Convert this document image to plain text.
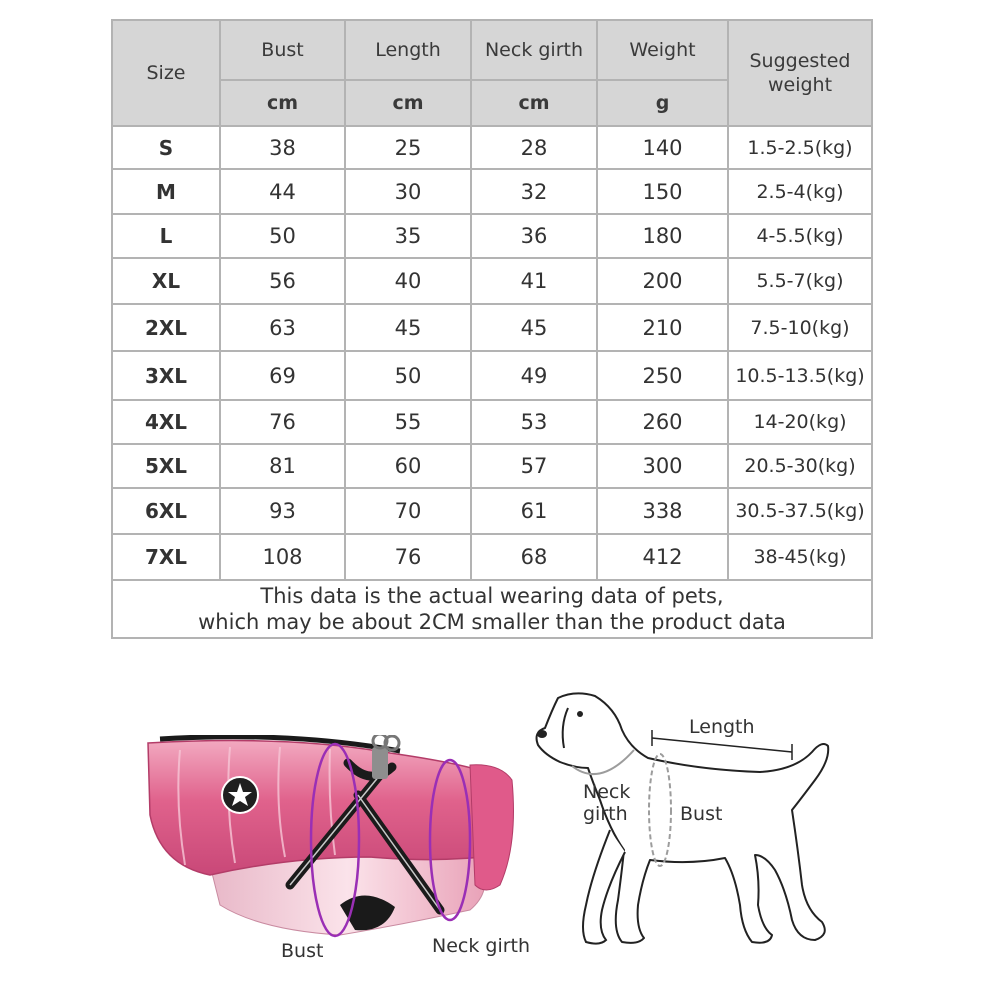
Size	Bust	Length	Neck girth	Weight	Suggested weight
	cm	cm	cm	g	
S	38	25	28	140	1.5-2.5(kg)
M	44	30	32	150	2.5-4(kg)
L	50	35	36	180	4-5.5(kg)
XL	56	40	41	200	5.5-7(kg)
2XL	63	45	45	210	7.5-10(kg)
3XL	69	50	49	250	10.5-13.5(kg)
4XL	76	55	53	260	14-20(kg)
5XL	81	60	57	300	20.5-30(kg)
6XL	93	70	61	338	30.5-37.5(kg)
7XL	108	76	68	412	38-45(kg)

This data is the actual wearing data of pets,
which may be about 2CM smaller than the product data					
Bust	Neck girth
Length
Neck girth	Bust
